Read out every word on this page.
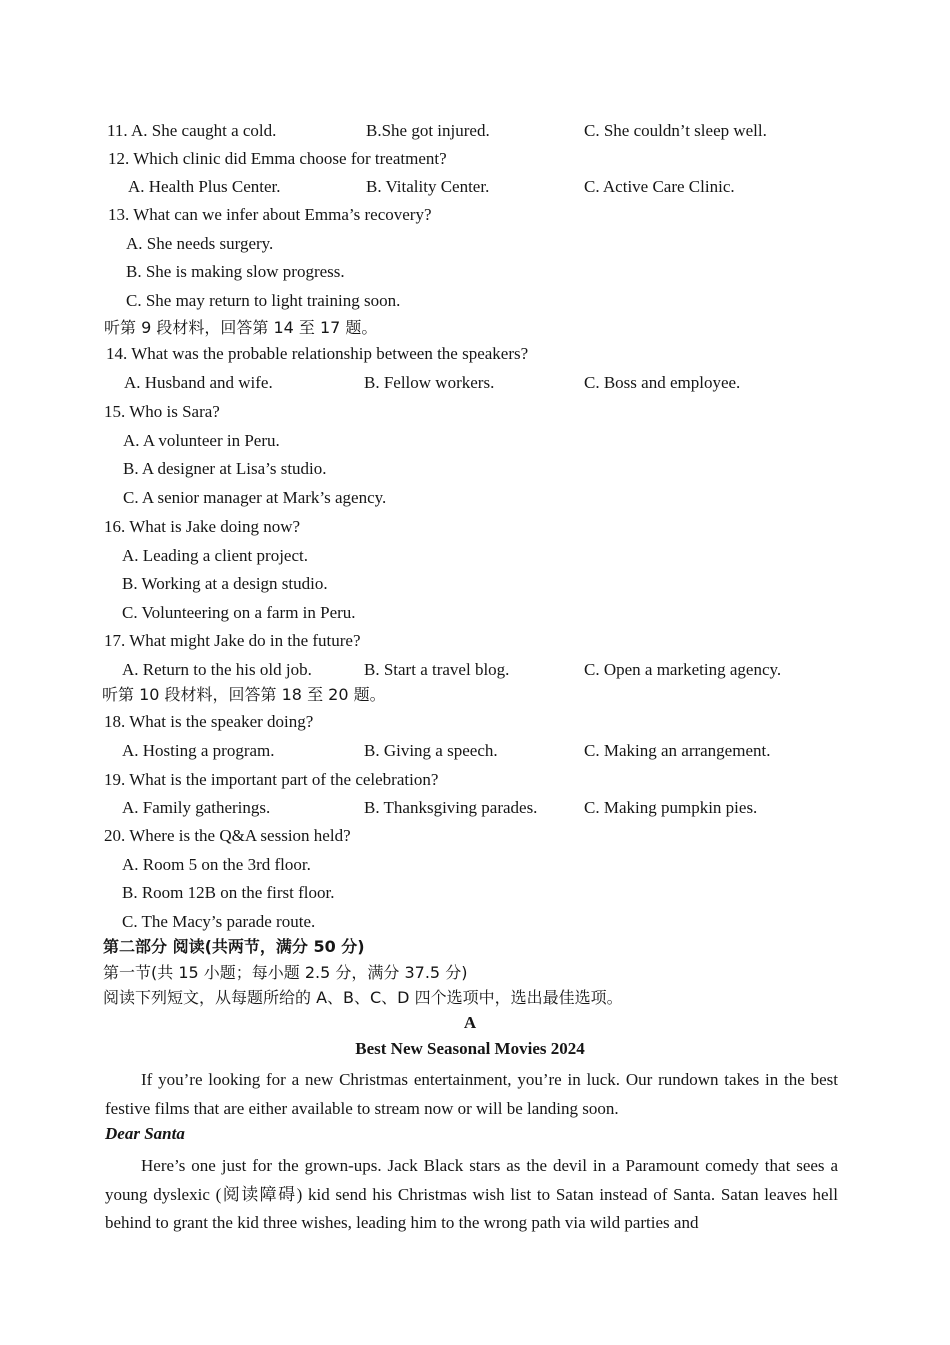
11. A. She caught a cold.	B.She got injured.	C. She couldn’t sleep well.
12. Which clinic did Emma choose for treatment?
A. Health Plus Center.	B. Vitality Center.	C. Active Care Clinic.
13. What can we infer about Emma’s recovery?
A. She needs surgery.
B. She is making slow progress.
C. She may return to light training soon.
听第 9 段材料，回答第 14 至 17 题。
14. What was the probable relationship between the speakers?
A. Husband and wife.	B. Fellow workers.	C. Boss and employee.
15. Who is Sara?
A. A volunteer in Peru.
B. A designer at Lisa’s studio.
C. A senior manager at Mark’s agency.
16. What is Jake doing now?
A. Leading a client project.
B. Working at a design studio.
C. Volunteering on a farm in Peru.
17. What might Jake do in the future?
A. Return to the his old job.	B. Start a travel blog.	C. Open a marketing agency.
听第 10 段材料，回答第 18 至 20 题。
18. What is the speaker doing?
A. Hosting a program.	B. Giving a speech.	C. Making an arrangement.
19. What is the important part of the celebration?
A. Family gatherings.	B. Thanksgiving parades.	C. Making pumpkin pies.
20. Where is the Q&A session held?
A. Room 5 on the 3rd floor.
B. Room 12B on the first floor.
C. The Macy’s parade route.
第二部分 阅读(共两节，满分 50 分)
第一节(共 15 小题；每小题 2.5 分，满分 37.5 分)
阅读下列短文，从每题所给的 A、B、C、D 四个选项中，选出最佳选项。
A
Best New Seasonal Movies 2024

If you’re looking for a new Christmas entertainment, you’re in luck. Our rundown takes in the best festive films that are either available to stream now or will be landing soon.

Dear Santa

Here’s one just for the grown-ups. Jack Black stars as the devil in a Paramount comedy that sees a young dyslexic (阅读障碍) kid send his Christmas wish list to Satan instead of Santa. Satan leaves hell behind to grant the kid three wishes, leading him to the wrong path via wild parties and
